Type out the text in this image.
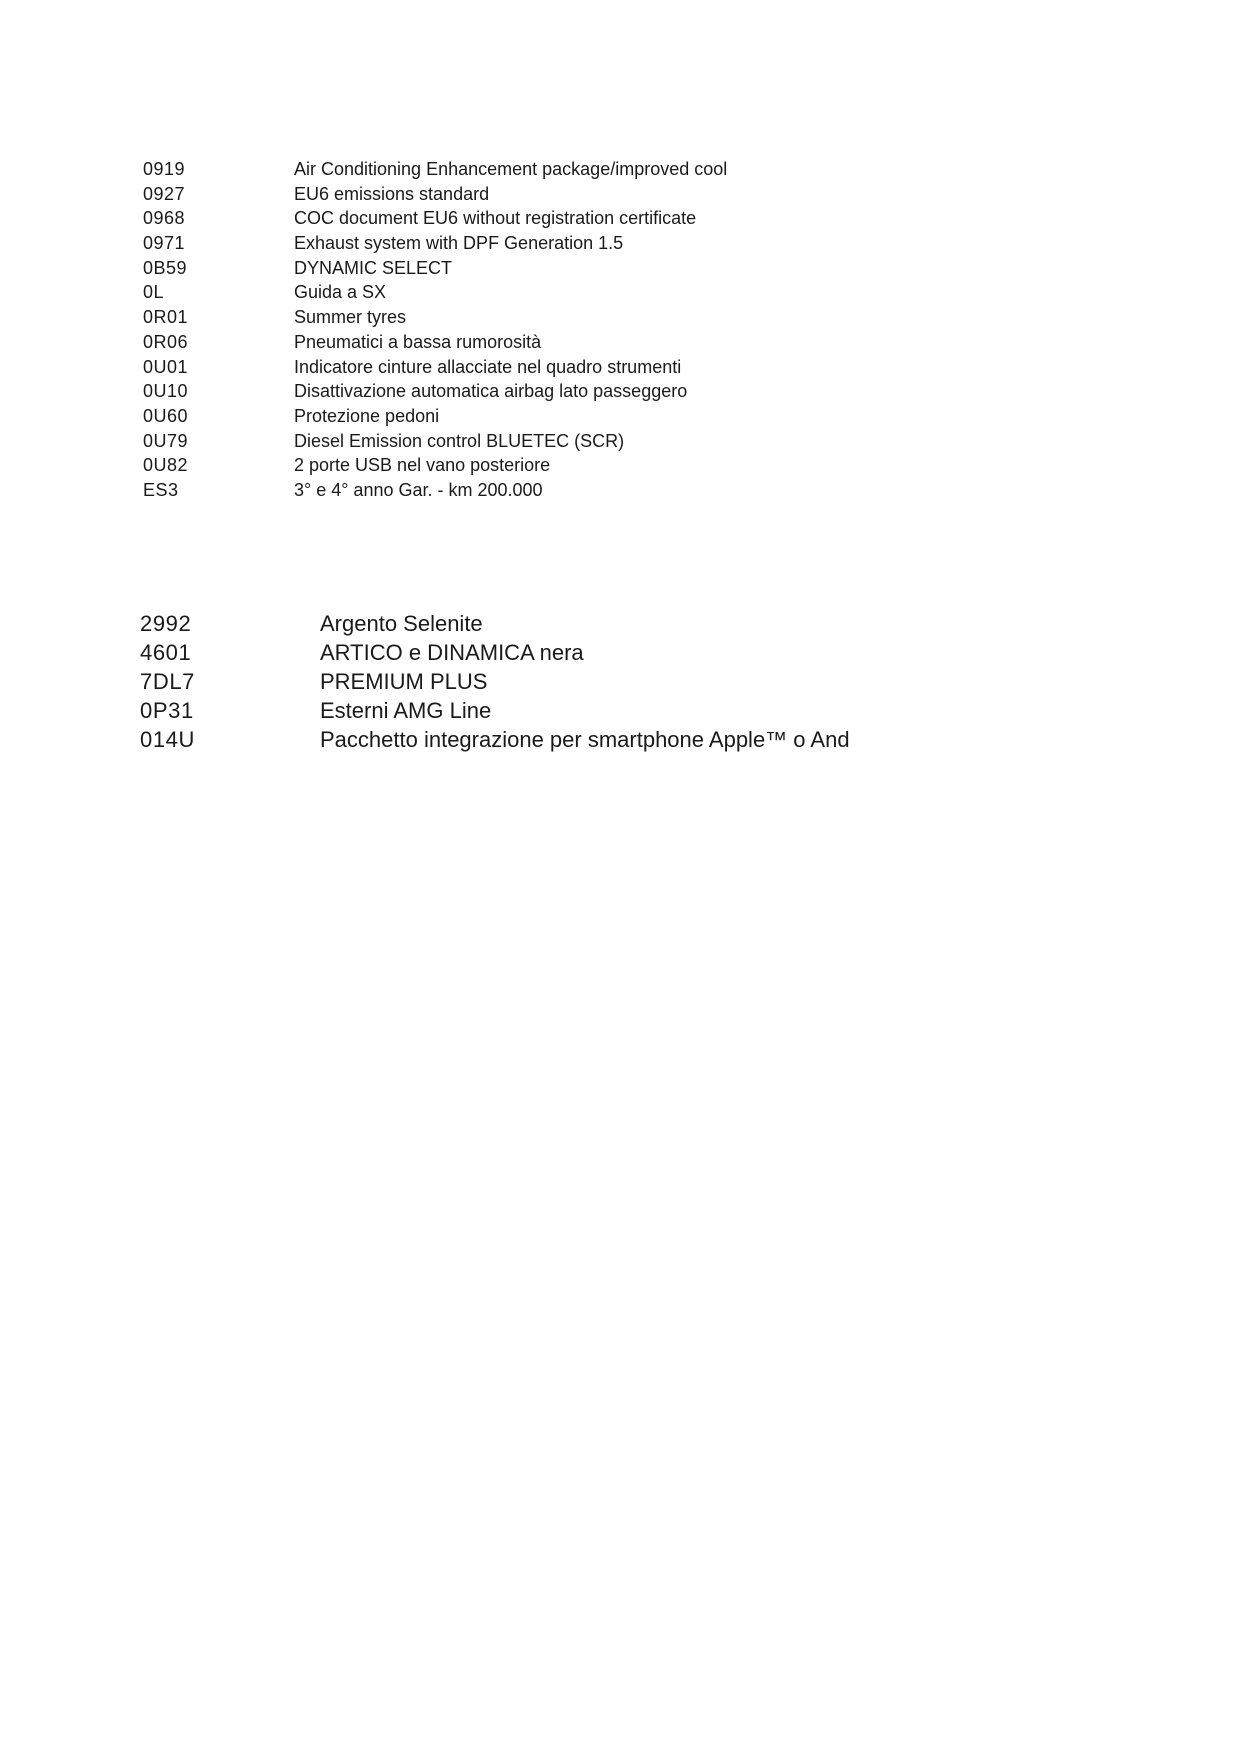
0919	Air Conditioning Enhancement package/improved cool
0927	EU6 emissions standard
0968	COC document EU6 without registration certificate
0971	Exhaust system with DPF Generation 1.5
0B59	DYNAMIC SELECT
0L	Guida a SX
0R01	Summer tyres
0R06	Pneumatici a bassa rumorosità
0U01	Indicatore cinture allacciate nel quadro strumenti
0U10	Disattivazione automatica airbag lato passeggero
0U60	Protezione pedoni
0U79	Diesel Emission control BLUETEC (SCR)
0U82	2 porte USB nel vano posteriore
ES3	3° e 4° anno Gar. - km 200.000
2992	Argento Selenite
4601	ARTICO e DINAMICA nera
7DL7	PREMIUM PLUS
0P31	Esterni AMG Line
014U	Pacchetto integrazione per smartphone Apple™ o And
